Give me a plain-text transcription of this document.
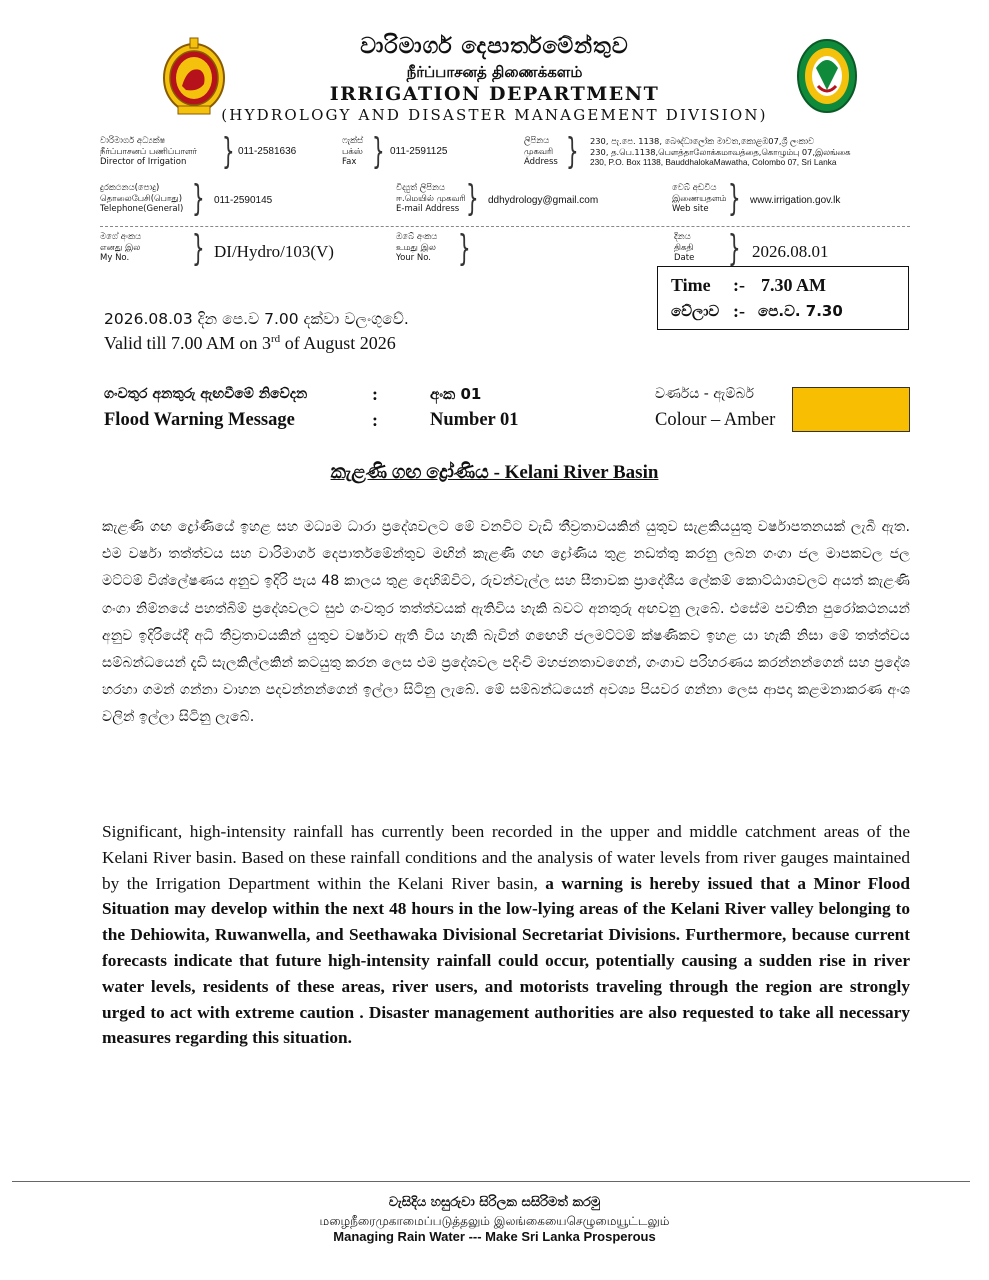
වාරිමාර්ග දෙපාර්තමේන්තුව
நீர்ப்பாசனத் திணைக்களம்
IRRIGATION DEPARTMENT
(HYDROLOGY AND DISASTER MANAGEMENT DIVISION)
වාරිමාර්ග අධ්‍යක්ෂ
நீர்ப்பாசனப் பணிப்பாளர்
Director of Irrigation } 011-2581636
ෆැක්ස්
பக்ஸ்
Fax } 011-2591125
ලිපිනය
முகவரி
Address } 230, පැ.පෙ. 1138, බෞද්ධාලෝක මාවත,කොළඹ07,ශ්‍රී ලංකාව
230, த.பெ.1138,பௌத்தாலோக்கமாவத்தை,கொழும்பு 07,இலங்கை
230, P.O. Box 1138, BauddhalokaMawatha, Colombo 07, Sri Lanka
දුරකථනය(පොදු)
தொலைபேசி(பொது)
Telephone(General) } 011-2590145
විද්‍යුත් ලිපිනය
ஈ.மெயில் முகவரி
E-mail Address } ddhydrology@gmail.com
වෙබ් අඩවිය
இணையதளம்
Web site } www.irrigation.gov.lk
මගේ අංකය
எனது இல
My No.	} DI/Hydro/103(V)
ඔබේ අංකය
உமது இல
Your No. }	දිනය
திகதி
Date } 2026.08.01
Time :- 7.30 AM
වේලාව :- පෙ.ව. 7.30
2026.08.03 දින පෙ.ව 7.00 දක්වා වලංගුවේ.
Valid till 7.00 AM on 3rd of August 2026
ගංවතුර අනතුරු ඇඟවීමේ නිවේදන	:	අංක 01	වර්ණය - ඇම්බර්
Flood Warning Message	:	Number 01	Colour – Amber
කැළණි ගඟ ද්‍රෝණිය - Kelani River Basin
කැළණි ගඟ ද්‍රෝණියේ ඉහළ සහ මධ්‍යම ධාරා ප්‍රදේශවලට මේ වනවිට වැඩි තීව්‍රතාවයකින් යුතුව සැළකියයුතු වර්ෂාපතනයක් ලැබී ඇත. එම වර්ෂා තත්ත්වය සහ වාරිමාර්ග දෙපාර්තමේන්තුව මඟින් කැළණි ගඟ ද්‍රෝණිය තුළ නඩත්තු කරනු ලබන ගංගා ජල මාපකවල ජල මට්ටම් විශ්ලේෂණය අනුව ඉදිරි පැය 48 කාලය තුළ දෙහිඕවිට, රුවන්වැල්ල සහ සීතාවක ප්‍රාදේශීය ලේකම් කොට්ඨාශවලට අයත් කැළණි ගංගා නිම්නයේ පහත්බිම් ප්‍රදේශවලට සුළු ගංවතුර තත්ත්වයක් ඇතිවිය හැකි බවට අනතුරු අඟවනු ලැබේ. එසේම පවතින පුරෝකථනයන් අනුව ඉදිරියේදී අධි තීව්‍රතාවයකින් යුතුව වර්ෂාව ඇති විය හැකි බැවින් ගඟෙහි ජලමට්ටම් ක්ෂණිකව ඉහළ යා හැකි නිසා මේ තත්ත්වය සම්බන්ධයෙන් දැඩි සැලකිල්ලකින් කටයුතු කරන ලෙස එම ප්‍රදේශවල පදිංචි මහජනතාවගෙන්, ගංගාව පරිහරණය කරන්නන්ගෙන් සහ ප්‍රදේශ හරහා ගමන් ගන්නා වාහන පදවන්නන්ගෙන් ඉල්ලා සිටිනු ලැබේ. මේ සම්බන්ධයෙන් අවශ්‍ය පියවර ගන්නා ලෙස ආපදා කළමනාකරණ අංශ වලින් ඉල්ලා සිටිනු ලැබේ.
Significant, high-intensity rainfall has currently been recorded in the upper and middle catchment areas of the Kelani River basin. Based on these rainfall conditions and the analysis of water levels from river gauges maintained by the Irrigation Department within the Kelani River basin, a warning is hereby issued that a Minor Flood Situation may develop within the next 48 hours in the low-lying areas of the Kelani River valley belonging to the Dehiowita, Ruwanwella, and Seethawaka Divisional Secretariat Divisions. Furthermore, because current forecasts indicate that future high-intensity rainfall could occur, potentially causing a sudden rise in river water levels, residents of these areas, river users, and motorists traveling through the region are strongly urged to act with extreme caution . Disaster management authorities are also requested to take all necessary measures regarding this situation.
වැසිදිය හසුරුවා සිරිලක සසිරිමත් කරමු
மழைநீரைமுகாமைப்படுத்தலும் இலங்கையைசெழுமையூட்டலும்
Managing Rain Water --- Make Sri Lanka Prosperous
